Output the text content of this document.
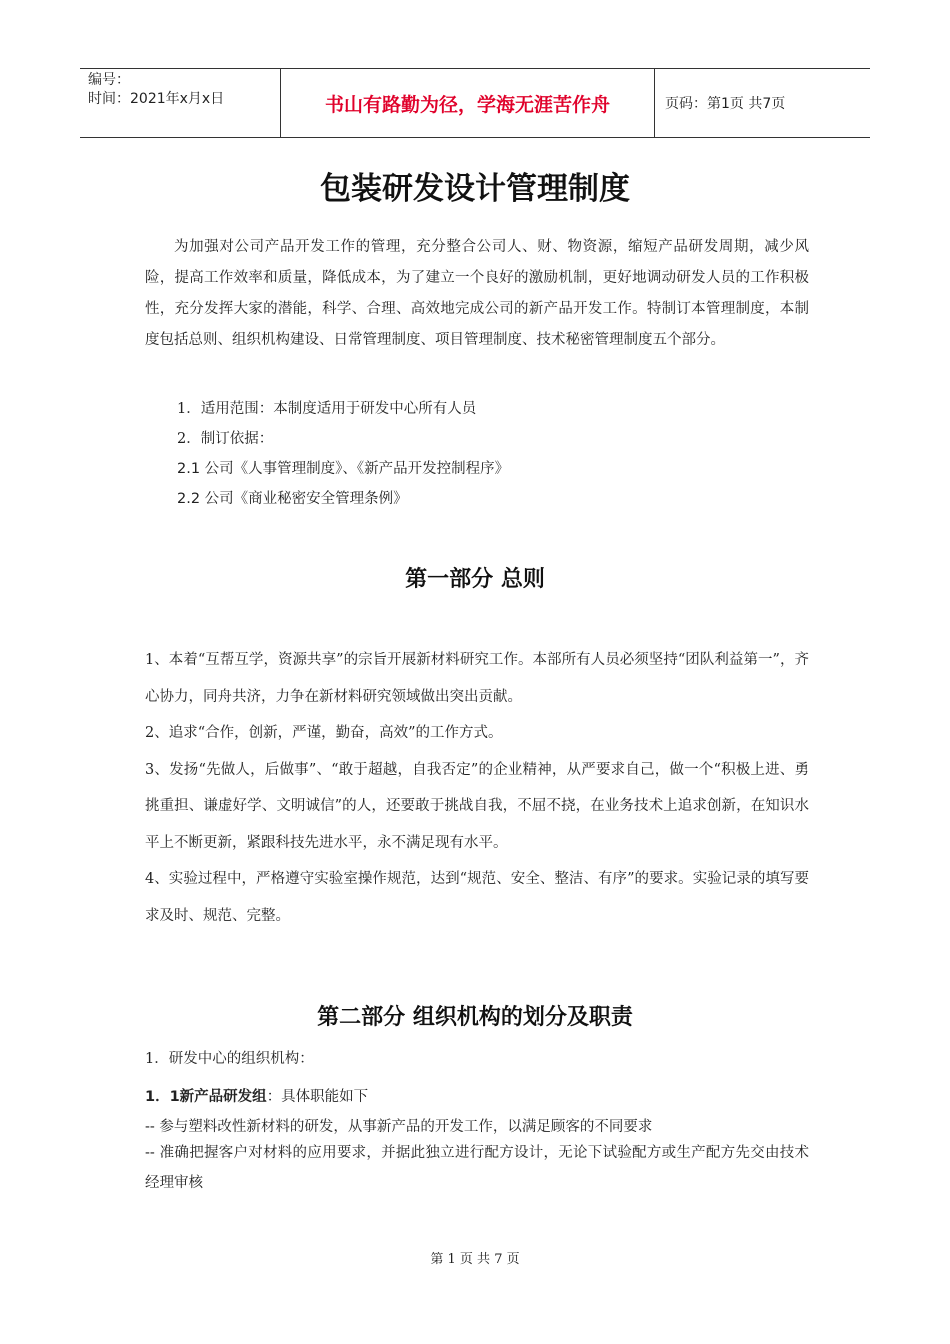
编号：
时间：2021年x月x日	书山有路勤为径，学海无涯苦作舟	页码：第1页 共7页
包装研发设计管理制度
为加强对公司产品开发工作的管理，充分整合公司人、财、物资源，缩短产品研发周期，减少风险，提高工作效率和质量，降低成本，为了建立一个良好的激励机制，更好地调动研发人员的工作积极性，充分发挥大家的潜能，科学、合理、高效地完成公司的新产品开发工作。特制订本管理制度，本制度包括总则、组织机构建设、日常管理制度、项目管理制度、技术秘密管理制度五个部分。
1．适用范围：本制度适用于研发中心所有人员
2．制订依据：
2.1 公司《人事管理制度》、《新产品开发控制程序》
2.2 公司《商业秘密安全管理条例》
第一部分 总则

1、本着“互帮互学，资源共享”的宗旨开展新材料研究工作。本部所有人员必须坚持“团队利益第一”，齐心协力，同舟共济，力争在新材料研究领域做出突出贡献。

2、追求“合作，创新，严谨，勤奋，高效”的工作方式。

3、发扬“先做人，后做事”、“敢于超越，自我否定”的企业精神，从严要求自己，做一个“积极上进、勇挑重担、谦虚好学、文明诚信”的人，还要敢于挑战自我，不屈不挠，在业务技术上追求创新，在知识水平上不断更新，紧跟科技先进水平，永不满足现有水平。

4、实验过程中，严格遵守实验室操作规范，达到“规范、安全、整洁、有序”的要求。实验记录的填写要求及时、规范、完整。

第二部分 组织机构的划分及职责
1．研发中心的组织机构：
1．1新产品研发组：具体职能如下
-- 参与塑料改性新材料的研发，从事新产品的开发工作，以满足顾客的不同要求

-- 准确把握客户对材料的应用要求，并据此独立进行配方设计，无论下试验配方或生产配方先交由技术经理审核

第 1 页 共 7 页
